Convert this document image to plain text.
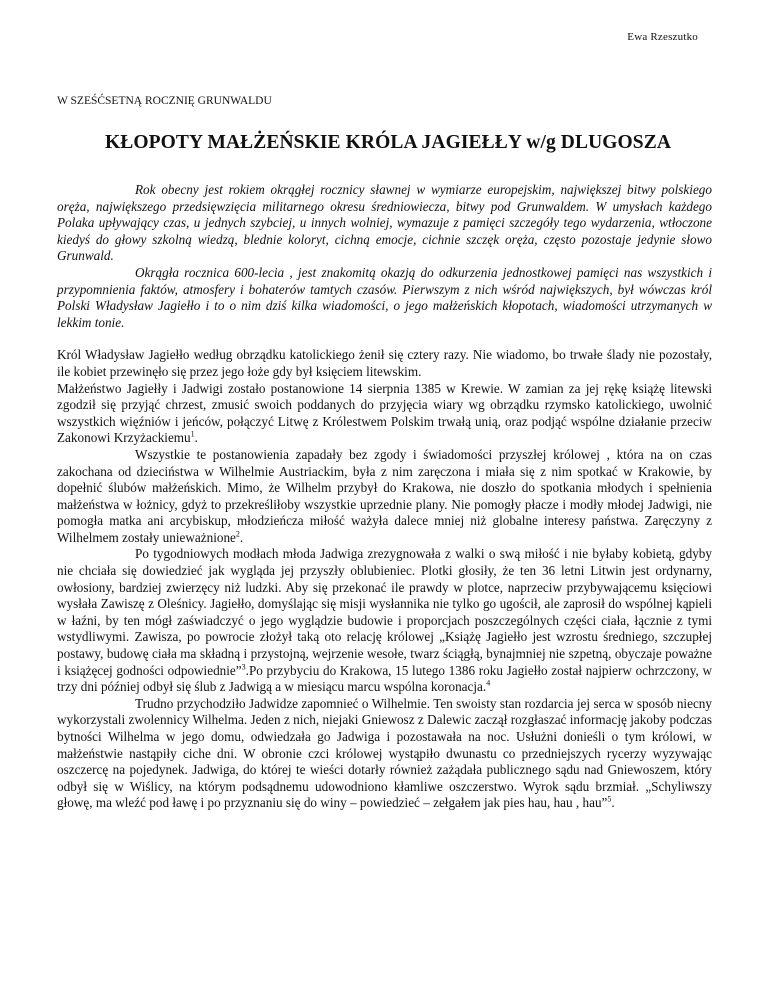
Ewa Rzeszutko
W SZEŚĆSETNĄ ROCZNIĘ GRUNWALDU
KŁOPOTY MAŁŻEŃSKIE KRÓLA JAGIEŁŁY w/g DLUGOSZA

Rok obecny jest rokiem okrągłej rocznicy sławnej w wymiarze europejskim, największej bitwy polskiego oręża, największego przedsięwzięcia militarnego okresu średniowiecza, bitwy pod Grunwaldem. W umysłach każdego Polaka upływający czas, u jednych szybciej, u innych wolniej, wymazuje z pamięci szczegóły tego wydarzenia, wtłoczone kiedyś do głowy szkolną wiedzą, blednie koloryt, cichną emocje, cichnie szczęk oręża, często pozostaje jedynie słowo Grunwald.

Okrągła rocznica 600-lecia , jest znakomitą okazją do odkurzenia jednostkowej pamięci nas wszystkich i przypomnienia faktów, atmosfery i bohaterów tamtych czasów. Pierwszym z nich wśród największych, był wówczas król Polski Władysław Jagiełło i to o nim dziś kilka wiadomości, o jego małżeńskich kłopotach, wiadomości utrzymanych w lekkim tonie.

Król Władysław Jagiełło według obrządku katolickiego żenił się cztery razy. Nie wiadomo, bo trwałe ślady nie pozostały, ile kobiet przewinęło się przez jego łoże gdy był księciem litewskim.

Małżeństwo Jagiełły i Jadwigi zostało postanowione 14 sierpnia 1385 w Krewie. W zamian za jej rękę książę litewski zgodził się przyjąć chrzest, zmusić swoich poddanych do przyjęcia wiary wg obrządku rzymsko katolickiego, uwolnić wszystkich więźniów i jeńców, połączyć Litwę z Królestwem Polskim trwałą unią, oraz podjąć wspólne działanie przeciw Zakonowi Krzyżackiemu$^1$.

Wszystkie te postanowienia zapadały bez zgody i świadomości przyszłej królowej , która na on czas zakochana od dzieciństwa w Wilhelmie Austriackim, była z nim zaręczona i miała się z nim spotkać w Krakowie, by dopełnić ślubów małżeńskich. Mimo, że Wilhelm przybył do Krakowa, nie doszło do spotkania młodych i spełnienia małżeństwa w łożnicy, gdyż to przekreśliłoby wszystkie uprzednie plany. Nie pomogły płacze i modły młodej Jadwigi, nie pomogła matka ani arcybiskup, młodzieńcza miłość ważyła dalece mniej niż globalne interesy państwa. Zaręczyny z Wilhelmem zostały unieważnione$^2$.

Po tygodniowych modłach młoda Jadwiga zrezygnowała z walki o swą miłość i nie byłaby kobietą, gdyby nie chciała się dowiedzieć jak wygląda jej przyszły oblubieniec. Plotki głosiły, że ten 36 letni Litwin jest ordynarny, owłosiony, bardziej zwierzęcy niż ludzki. Aby się przekonać ile prawdy w plotce, naprzeciw przybywającemu księciowi wysłała Zawiszę z Oleśnicy. Jagiełło, domyślając się misji wysłannika nie tylko go ugościł, ale zaprosił do wspólnej kąpieli w łaźni, by ten mógł zaświadczyć o jego wyglądzie budowie i proporcjach poszczególnych części ciała, łącznie z tymi wstydliwymi. Zawisza, po powrocie złożył taką oto relację królowej „Książę Jagiełło jest wzrostu średniego, szczupłej postawy, budowę ciała ma składną i przystojną, wejrzenie wesołe, twarz ściągłą, bynajmniej nie szpetną, obyczaje poważne i książęcej godności odpowiednie”$^3$.Po przybyciu do Krakowa, 15 lutego 1386 roku Jagiełło został najpierw ochrzczony, w trzy dni później odbył się ślub z Jadwigą a w miesiącu marcu wspólna koronacja.$^4$

Trudno przychodziło Jadwidze zapomnieć o Wilhelmie. Ten swoisty stan rozdarcia jej serca w sposób niecny wykorzystali zwolennicy Wilhelma. Jeden z nich, niejaki Gniewosz z Dalewic zaczął rozgłaszać informację jakoby podczas bytności Wilhelma w jego domu, odwiedzała go Jadwiga i pozostawała na noc. Usłużni donieśli o tym królowi, w małżeństwie nastąpiły ciche dni. W obronie czci królowej wystąpiło dwunastu co przedniejszych rycerzy wyzywając oszczercę na pojedynek. Jadwiga, do której te wieści dotarły również zażądała publicznego sądu nad Gniewoszem, który odbył się w Wiślicy, na którym podsądnemu udowodniono kłamliwe oszczerstwo. Wyrok sądu brzmiał. „Schyliwszy głowę, ma wleźć pod ławę i po przyznaniu się do winy – powiedzieć – zełgałem jak pies hau, hau , hau”$^5$.
